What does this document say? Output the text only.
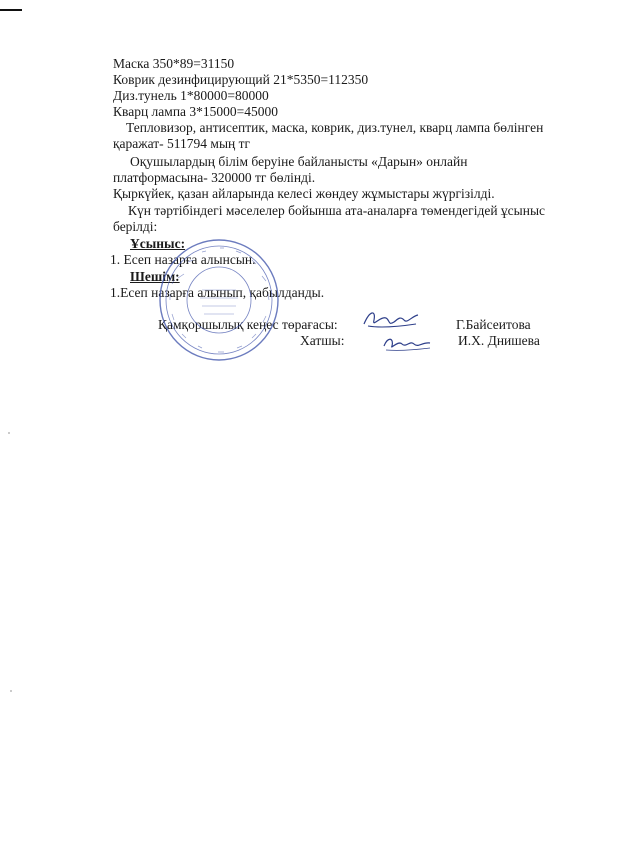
Маска 350*89=31150
Коврик дезинфицирующий 21*5350=112350
Диз.тунель 1*80000=80000
Кварц лампа 3*15000=45000
Тепловизор, антисептик, маска, коврик, диз.тунел, кварц лампа бөлінген
қаражат- 511794 мың тг
Оқушылардың білім беруіне байланысты «Дарын» онлайн
платформасына- 320000 тг бөлінді.
Қыркүйек, қазан айларында келесі жөндеу жұмыстары жүргізілді.
Күн тәртібіндегі мәселелер бойынша ата-аналарға төмендегідей ұсыныс
берілді:
Ұсыныс:
1. Есеп назарға алынсын.
Шешім:
1.Есеп назарға алынып, қабылданды.
Қамқоршылық кеңес төрағасы:	Г.Байсеитова
Хатшы:	И.Х. Днишева
